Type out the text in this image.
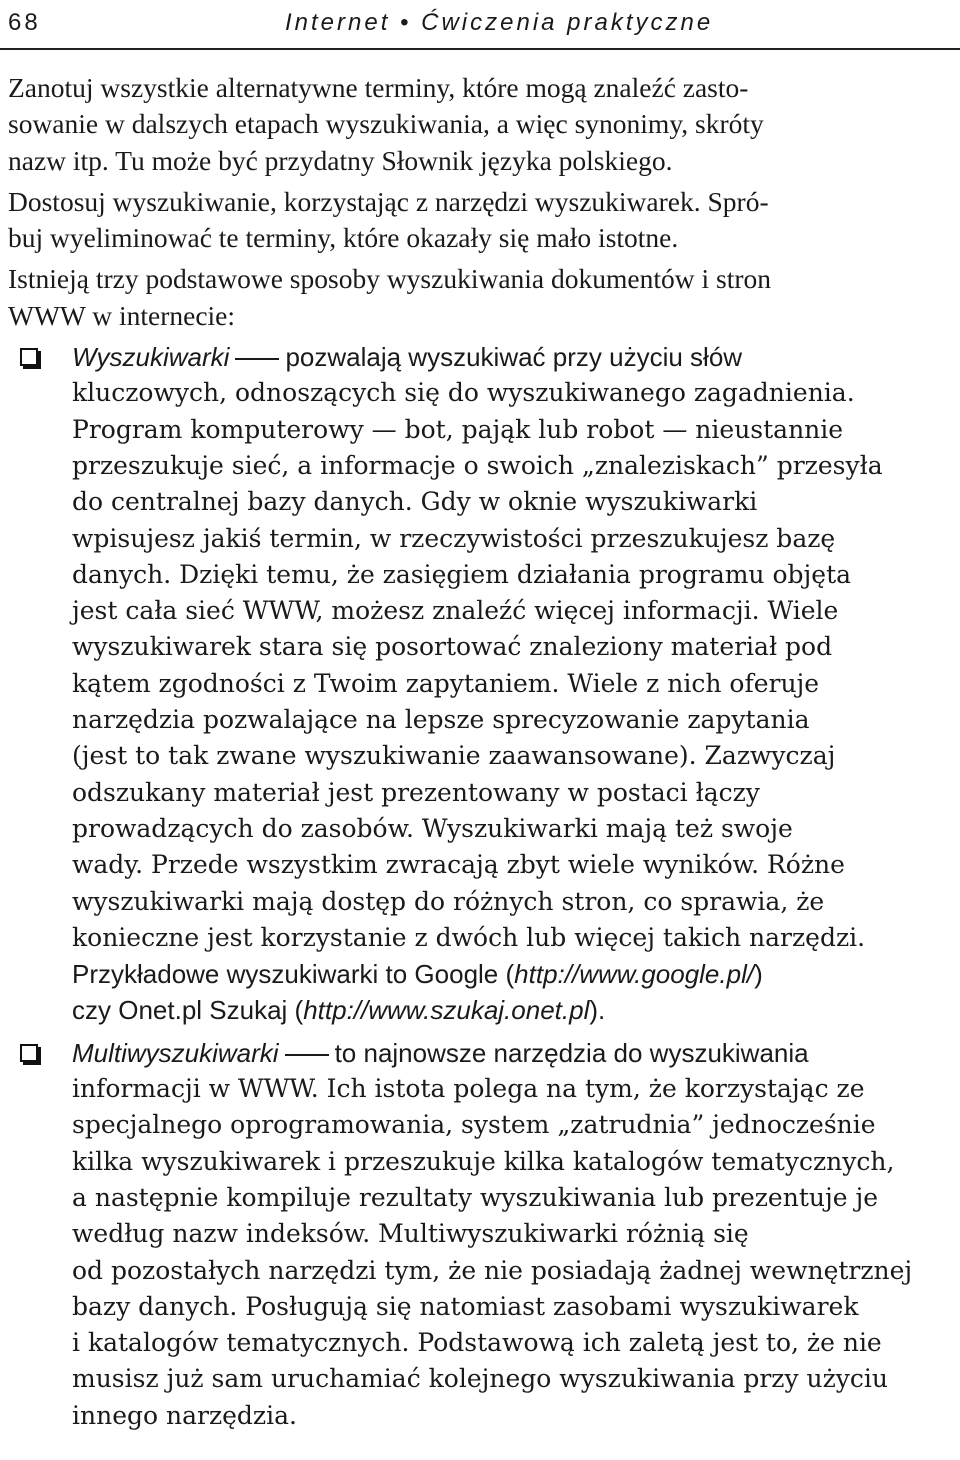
68	Internet • Ćwiczenia praktyczne

Zanotuj wszystkie alternatywne terminy, które mogą znaleźć zasto-
sowanie w dalszych etapach wyszukiwania, a więc synonimy, skróty
nazw itp. Tu może być przydatny Słownik języka polskiego.

Dostosuj wyszukiwanie, korzystając z narzędzi wyszukiwarek. Spró-
buj wyeliminować te terminy, które okazały się mało istotne.

Istnieją trzy podstawowe sposoby wyszukiwania dokumentów i stron
WWW w internecie:

Wyszukiwarki pozwalają wyszukiwać przy użyciu słów
kluczowych, odnoszących się do wyszukiwanego zagadnienia.
Program komputerowy — bot, pająk lub robot — nieustannie
przeszukuje sieć, a informacje o swoich „znaleziskach” przesyła
do centralnej bazy danych. Gdy w oknie wyszukiwarki
wpisujesz jakiś termin, w rzeczywistości przeszukujesz bazę
danych. Dzięki temu, że zasięgiem działania programu objęta
jest cała sieć WWW, możesz znaleźć więcej informacji. Wiele
wyszukiwarek stara się posortować znaleziony materiał pod
kątem zgodności z Twoim zapytaniem. Wiele z nich oferuje
narzędzia pozwalające na lepsze sprecyzowanie zapytania
(jest to tak zwane wyszukiwanie zaawansowane). Zazwyczaj
odszukany materiał jest prezentowany w postaci łączy
prowadzących do zasobów. Wyszukiwarki mają też swoje
wady. Przede wszystkim zwracają zbyt wiele wyników. Różne
wyszukiwarki mają dostęp do różnych stron, co sprawia, że
konieczne jest korzystanie z dwóch lub więcej takich narzędzi.
Przykładowe wyszukiwarki to Google (http://www.google.pl/)
czy Onet.pl Szukaj (http://www.szukaj.onet.pl).
Multiwyszukiwarki to najnowsze narzędzia do wyszukiwania
informacji w WWW. Ich istota polega na tym, że korzystając ze
specjalnego oprogramowania, system „zatrudnia” jednocześnie
kilka wyszukiwarek i przeszukuje kilka katalogów tematycznych,
a następnie kompiluje rezultaty wyszukiwania lub prezentuje je
według nazw indeksów. Multiwyszukiwarki różnią się
od pozostałych narzędzi tym, że nie posiadają żadnej wewnętrznej
bazy danych. Posługują się natomiast zasobami wyszukiwarek
i katalogów tematycznych. Podstawową ich zaletą jest to, że nie
musisz już sam uruchamiać kolejnego wyszukiwania przy użyciu
innego narzędzia.
